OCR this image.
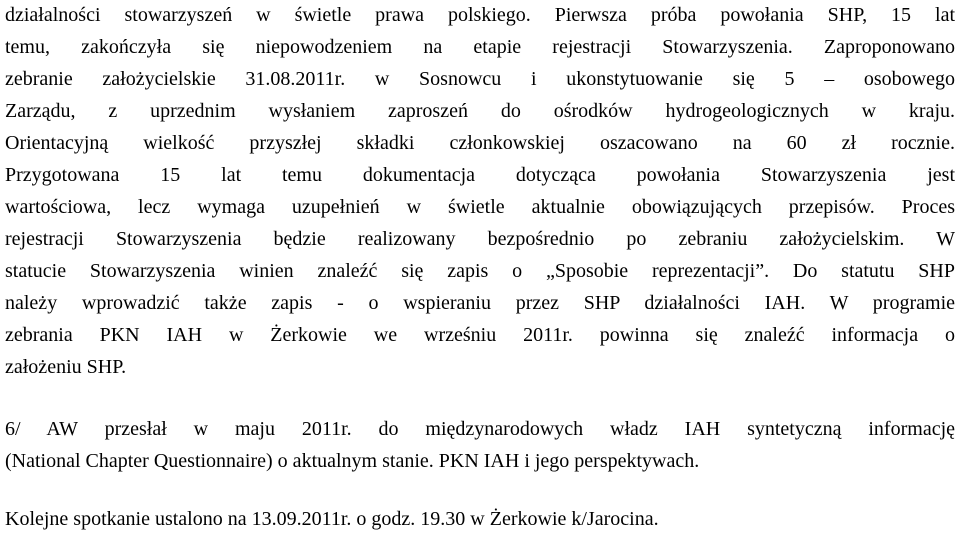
działalności stowarzyszeń w świetle prawa polskiego. Pierwsza próba powołania SHP, 15 lat

temu, zakończyła się niepowodzeniem na etapie rejestracji Stowarzyszenia. Zaproponowano

zebranie założycielskie 31.08.2011r. w Sosnowcu i ukonstytuowanie się 5 – osobowego

Zarządu, z uprzednim wysłaniem zaproszeń do ośrodków hydrogeologicznych w kraju.

Orientacyjną wielkość przyszłej składki członkowskiej oszacowano na 60 zł rocznie.

Przygotowana 15 lat temu dokumentacja dotycząca powołania Stowarzyszenia jest

wartościowa, lecz wymaga uzupełnień w świetle aktualnie obowiązujących przepisów. Proces

rejestracji Stowarzyszenia będzie realizowany bezpośrednio po zebraniu założycielskim. W

statucie Stowarzyszenia winien znaleźć się zapis o „Sposobie reprezentacji”. Do statutu SHP

należy wprowadzić także zapis - o wspieraniu przez SHP działalności IAH. W programie

zebrania PKN IAH w Żerkowie we wrześniu 2011r. powinna się znaleźć informacja o

założeniu SHP.

6/ AW przesłał w maju 2011r. do międzynarodowych władz IAH syntetyczną informację

(National Chapter Questionnaire) o aktualnym stanie. PKN IAH i jego perspektywach.

Kolejne spotkanie ustalono na 13.09.2011r. o godz. 19.30 w Żerkowie k/Jarocina.
